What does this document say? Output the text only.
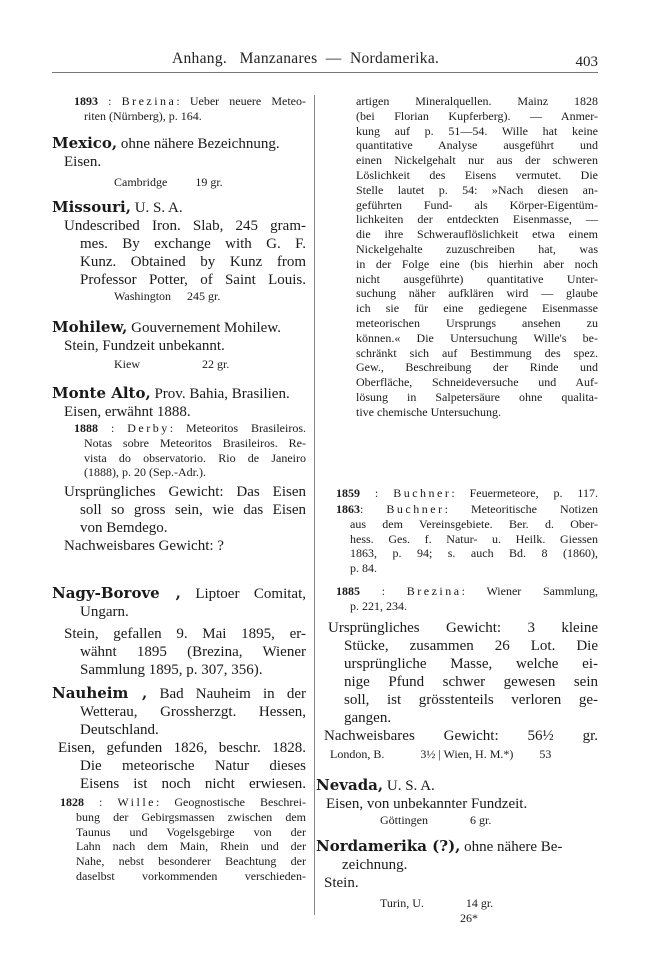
Anhang.   Manzanares  —  Nordamerika.	403
1893 : Brezina: Ueber neuere Meteo-
riten (Nürnberg), p. 164.
Mexico, ohne nähere Bezeichnung.
Eisen.
Cambridge 19 gr.
Missouri, U. S. A.
Undescribed Iron. Slab, 245 gram-
mes. By exchange with G. F.
Kunz. Obtained by Kunz from
Professor Potter, of Saint Louis.
Washington 245 gr.
Mohilew, Gouvernement Mohilew.
Stein, Fundzeit unbekannt.
Kiew	22 gr.
Monte Alto, Prov. Bahia, Brasilien.
Eisen, erwähnt 1888.
1888 : Derby: Meteoritos Brasileiros.
Notas sobre Meteoritos Brasileiros. Re-
vista do observatorio. Rio de Janeiro
(1888), p. 20 (Sep.-Adr.).
Ursprüngliches Gewicht: Das Eisen
soll so gross sein, wie das Eisen
von Bemdego.
Nachweisbares Gewicht: ?
Nagy-Borove , Liptoer Comitat,
Ungarn.
Stein, gefallen 9. Mai 1895, er-
wähnt 1895 (Brezina, Wiener
Sammlung 1895, p. 307, 356).
Nauheim , Bad Nauheim in der
Wetterau, Grossherzgt. Hessen,
Deutschland.
Eisen, gefunden 1826, beschr. 1828.
Die meteorische Natur dieses
Eisens ist noch nicht erwiesen.
1828 : Wille: Geognostische Beschrei-
bung der Gebirgsmassen zwischen dem
Taunus und Vogelsgebirge von der
Lahn nach dem Main, Rhein und der
Nahe, nebst besonderer Beachtung der
daselbst vorkommenden verschieden-
artigen Mineralquellen. Mainz 1828
(bei Florian Kupferberg). — Anmer-
kung auf p. 51—54. Wille hat keine
quantitative Analyse ausgeführt und
einen Nickelgehalt nur aus der schweren
Löslichkeit des Eisens vermutet. Die
Stelle lautet p. 54: »Nach diesen an-
geführten Fund- als Körper-Eigentüm-
lichkeiten der entdeckten Eisenmasse, —
die ihre Schwerauflöslichkeit etwa einem
Nickelgehalte zuzuschreiben hat, was
in der Folge eine (bis hierhin aber noch
nicht ausgeführte) quantitative Unter-
suchung näher aufklären wird — glaube
ich sie für eine gediegene Eisenmasse
meteorischen Ursprungs ansehen zu
können.« Die Untersuchung Wille's be-
schränkt sich auf Bestimmung des spez.
Gew., Beschreibung der Rinde und
Oberfläche, Schneideversuche und Auf-
lösung in Salpetersäure ohne qualita-
tive chemische Untersuchung.
1859 : Buchner: Feuermeteore, p. 117.
1863: Buchner: Meteoritische Notizen
aus dem Vereinsgebiete. Ber. d. Ober-
hess. Ges. f. Natur- u. Heilk. Giessen
1863, p. 94; s. auch Bd. 8 (1860),
p. 84.
1885 : Brezina: Wiener Sammlung,
p. 221, 234.
Ursprüngliches Gewicht: 3 kleine
Stücke, zusammen 26 Lot. Die
ursprüngliche Masse, welche ei-
nige Pfund schwer gewesen sein
soll, ist grösstenteils verloren ge-
gangen.
Nachweisbares Gewicht: 56½ gr.
London, B.	3½ | Wien, H. M.*) 53
Nevada, U. S. A.
Eisen, von unbekannter Fundzeit.
Göttingen	6 gr.
Nordamerika (?), ohne nähere Be-
zeichnung.
Stein.
Turin, U.	14 gr.
26*
